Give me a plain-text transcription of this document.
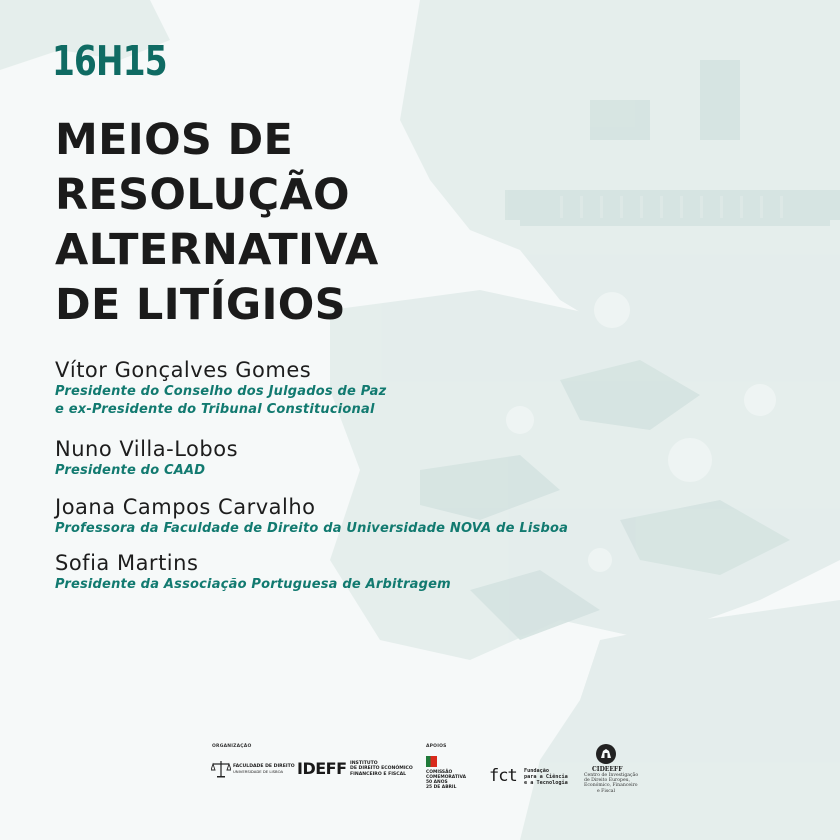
16H15
MEIOS DE
RESOLUÇÃO
ALTERNATIVA
DE LITÍGIOS
Vítor Gonçalves Gomes
Presidente do Conselho dos Julgados de Paz
e ex-Presidente do Tribunal Constitucional
Nuno Villa-Lobos
Presidente do CAAD
Joana Campos Carvalho
Professora da Faculdade de Direito da Universidade NOVA de Lisboa
Sofia Martins
Presidente da Associação Portuguesa de Arbitragem
ORGANIZAÇÃO	APOIOS
FACULDADE DE DIREITO
UNIVERSIDADE DE LISBOA IDEFF INSTITUTO
DE DIREITO ECONÓMICO
FINANCEIRO E FISCAL	COMISSÃO
COMEMORATIVA
50 ANOS
25 DE ABRIL
fct Fundação
para a Ciência
e a Tecnologia
CIDEEFF
Centro de Investigação
de Direito Europeu,
Económico, Financeiro
e Fiscal
